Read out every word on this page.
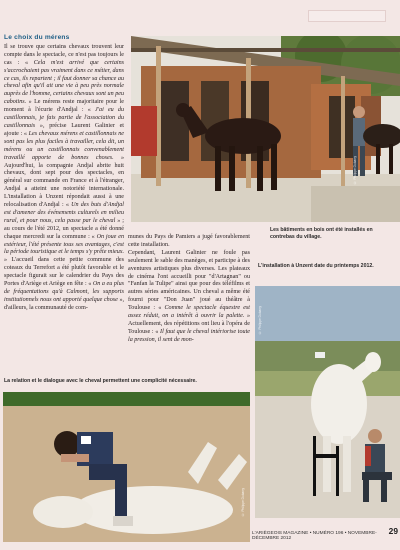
Le choix du mérens

Il se trouve que certains chevaux trouvent leur compte dans le spectacle, ce n'est pas toujours le cas : « Cela m'est arrivé que certains s'accrochaient pas vraiment dans ce métier, dans ce cas, ils repartent ; il faut donner sa chance au cheval afin qu'il ait une vie à peu près normale auprès de l'homme, certains chevaux sont un peu cabotins. » Le mérens reste majoritaire pour le moment à l'écurie d'Andjal : « J'ai eu du castillonnais, je fais partie de l'association du castillonnais », précise Laurent Galinier et ajoute : « Les chevaux mérens et castillonnais ne sont pas les plus faciles à travailler, cela dit, un mérens ou un castillonnais convenablement travaillé apporte de bonnes choses. » Aujourd'hui, la compagnie Andjal abrite huit chevaux, dont sept pour des spectacles, en général sur commande en France et à l'étranger, Andjal a atteint une notoriété internationale. L'installation à Unzent répondait aussi à une relocalisation d'Andjal : « Un des buts d'Andjal est d'amener des événements culturels en milieu rural, et pour nous, cela passe par le cheval » ; au cours de l'été 2012, un spectacle a été donné chaque mercredi sur la commune : « On joue en extérieur, l'été présente tous ses avantages, c'est la période touristique et le temps s'y prête mieux. » L'accueil dans cette petite commune des coteaux du Terrefort a été plutôt favorable et le spectacle figurait sur le calendrier du Pays des Portes d'Ariège et Ariège en fête : « On a eu plus de fréquentations qu'à Calmont, les supports institutionnels nous ont apporté quelque chose », d'ailleurs, la communauté de com-

© Philippe Dubarry
Les bâtiments en bois ont été installés en contrebas du village.

munes du Pays de Pamiers a jugé favorablement cette installation.

Cependant, Laurent Galinier ne foule pas seulement le sable des manèges, et participe à des aventures artistiques plus diverses. Les plateaux de cinéma l'ont accueilli pour "d'Artagnan" ou "Fanfan la Tulipe" ainsi que pour des téléfilms et autres séries américaines. Un cheval a même été fourni pour "Don Juan" joué au théâtre à Toulouse : « Comme le spectacle équestre est assez réduit, on a intérêt à ouvrir la palette. » Actuellement, des répétitions ont lieu à l'opéra de Toulouse : « Il faut que le cheval intériorise toute la pression, il sent de mon-

L'installation à Unzent date du printemps 2012.
© Philippe Dubarry
La relation et le dialogue avec le cheval permettent une complicité nécessaire.
© Philippe Dubarry
L'ARIÈGEOIS MAGAZINE • NUMÉRO 196 • NOVEMBRE-DÉCEMBRE 2012
29
